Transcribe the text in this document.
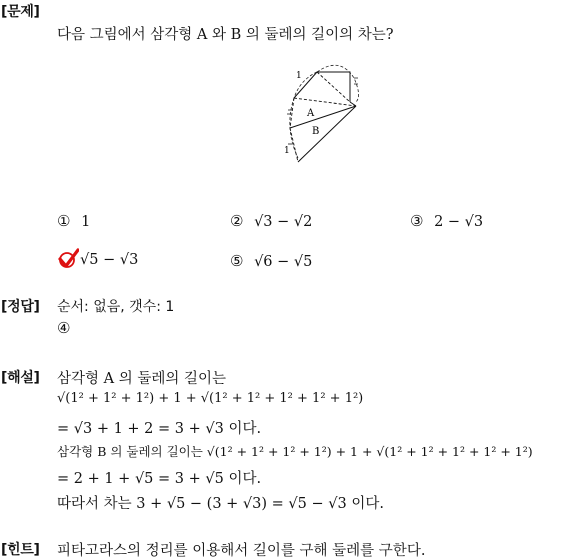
[문제]
다음 그림에서 삼각형 A 와 B 의 둘레의 길이의 차는?
1
A
B
1
① 1	② √3 − √2	③ 2 − √3
√5 − √3	⑤ √6 − √5
[정답] 순서: 없음, 갯수: 1
④
[해설] 삼각형 A 의 둘레의 길이는
√(1² + 1² + 1²) + 1 + √(1² + 1² + 1² + 1² + 1²)
= √3 + 1 + 2 = 3 + √3 이다.
삼각형 B 의 둘레의 길이는 √(1² + 1² + 1² + 1²) + 1 + √(1² + 1² + 1² + 1² + 1²)
= 2 + 1 + √5 = 3 + √5 이다.
따라서 차는 3 + √5 − (3 + √3) = √5 − √3 이다.
[힌트] 피타고라스의 정리를 이용해서 길이를 구해 둘레를 구한다.
